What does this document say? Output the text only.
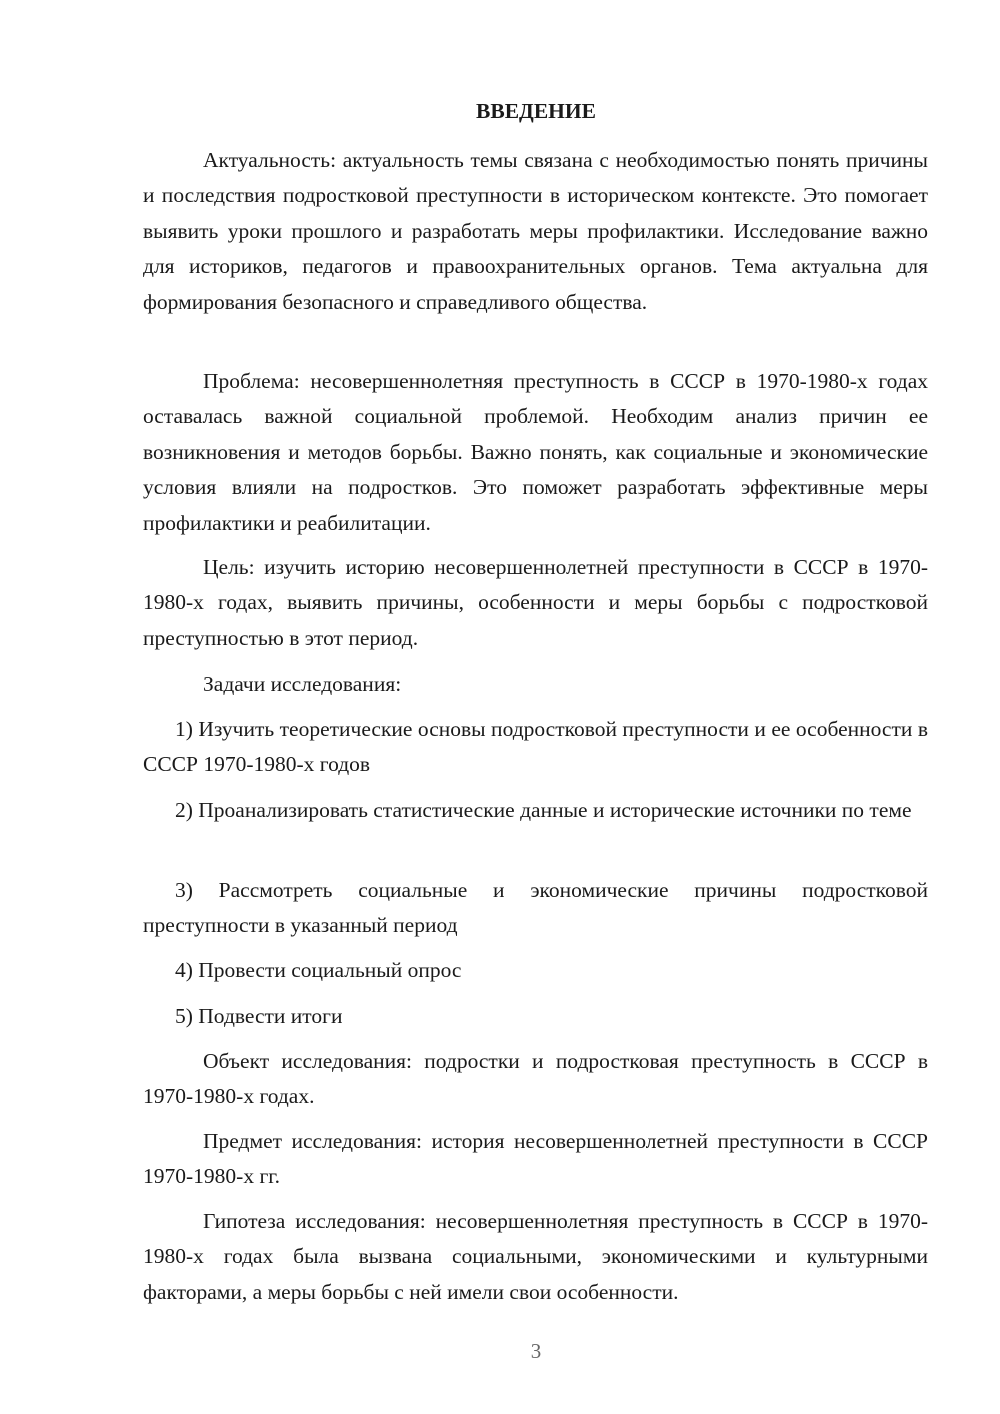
ВВЕДЕНИЕ

Актуальность: актуальность темы связана с необходимостью понять причины и последствия подростковой преступности в историческом контексте. Это помогает выявить уроки прошлого и разработать меры профилактики. Исследование важно для историков, педагогов и правоохранительных органов. Тема актуальна для формирования безопасного и справедливого общества.

Проблема: несовершеннолетняя преступность в СССР в 1970-1980-х годах оставалась важной социальной проблемой. Необходим анализ причин ее возникновения и методов борьбы. Важно понять, как социальные и экономические условия влияли на подростков. Это поможет разработать эффективные меры профилактики и реабилитации.

Цель: изучить историю несовершеннолетней преступности в СССР в 1970-1980-х годах, выявить причины, особенности и меры борьбы с подростковой преступностью в этот период.

Задачи исследования:

1) Изучить теоретические основы подростковой преступности и ее особенности в СССР 1970-1980-х годов

2) Проанализировать статистические данные и исторические источники по теме

3) Рассмотреть социальные и экономические причины подростковой преступности в указанный период

4) Провести социальный опрос

5) Подвести итоги

Объект исследования: подростки и подростковая преступность в СССР в 1970-1980-х годах.

Предмет исследования: история несовершеннолетней преступности в СССР 1970-1980-х гг.

Гипотеза исследования: несовершеннолетняя преступность в СССР в 1970-1980-х годах была вызвана социальными, экономическими и культурными факторами, а меры борьбы с ней имели свои особенности.

3
